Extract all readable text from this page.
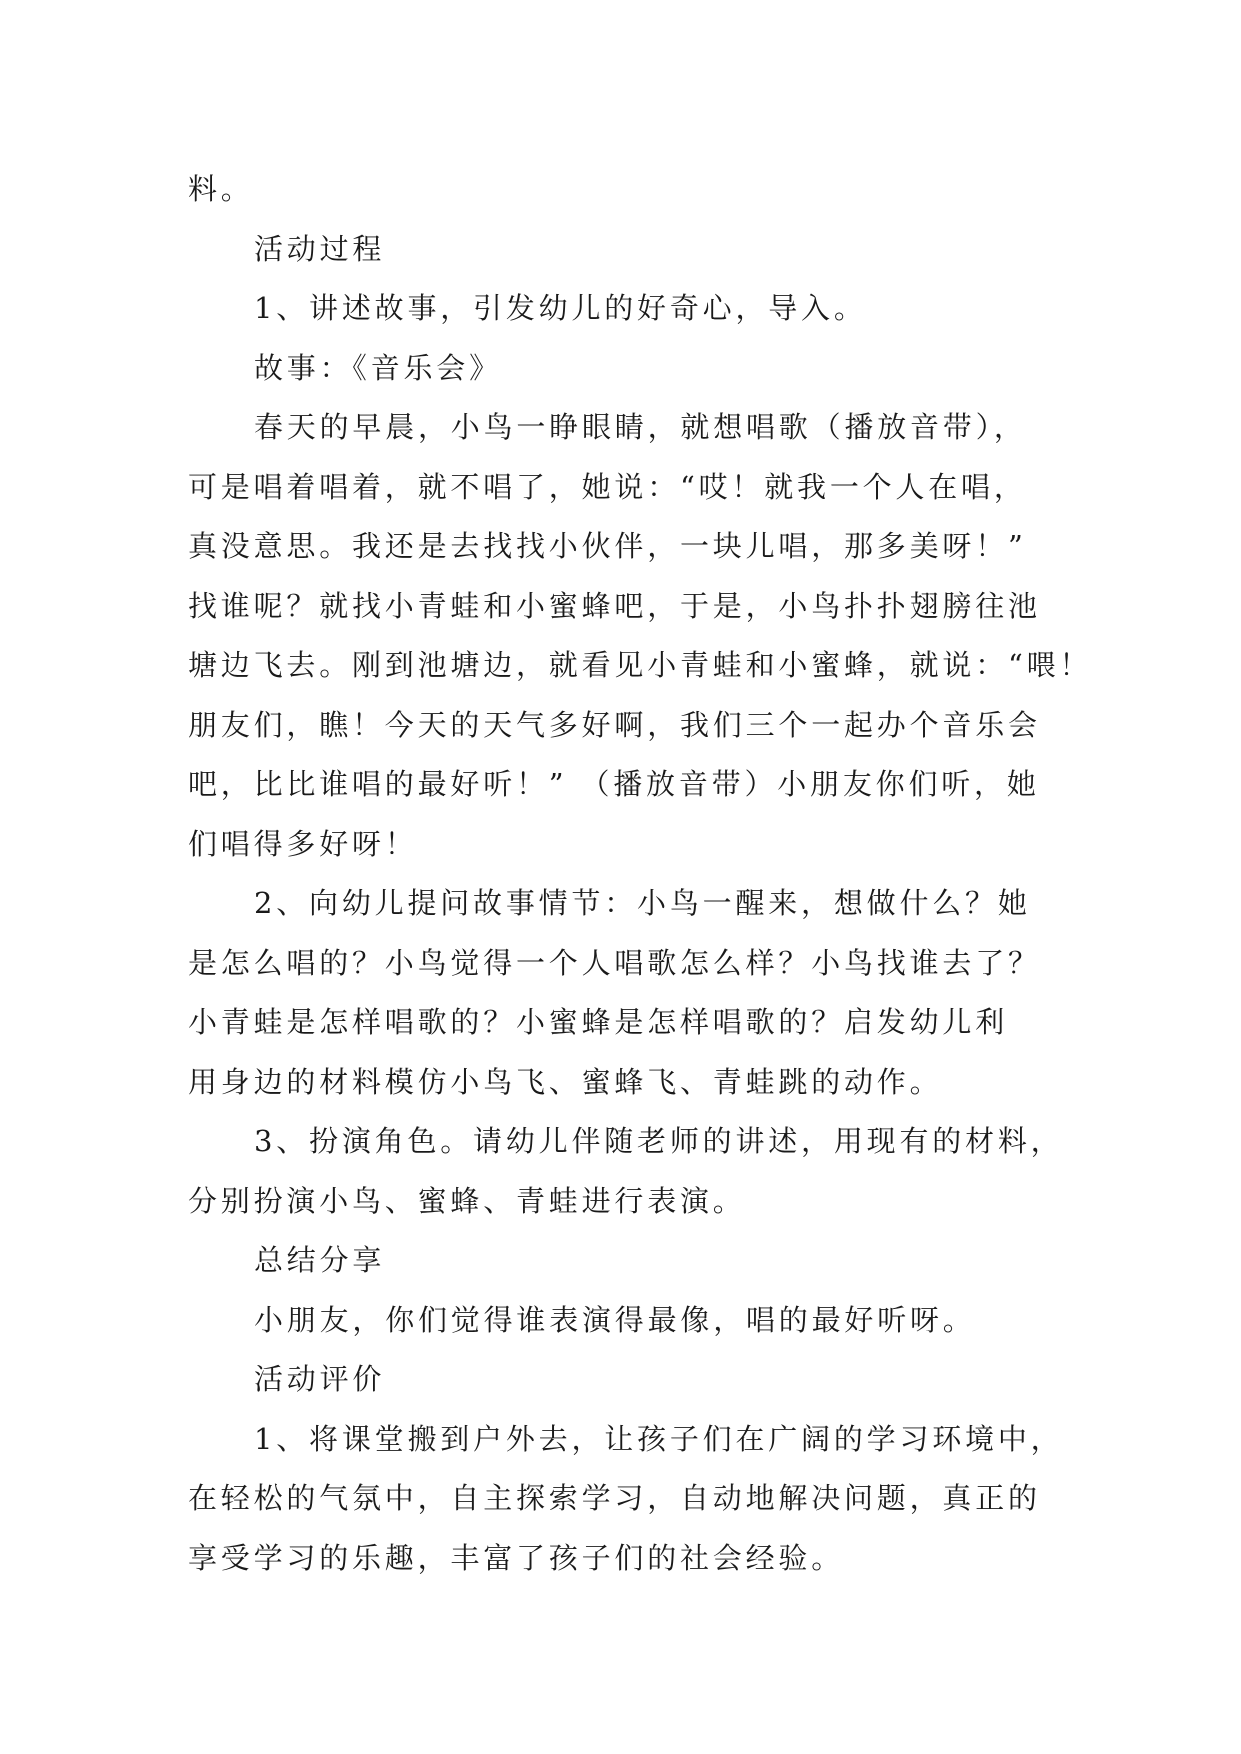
料。
活动过程
1、讲述故事，引发幼儿的好奇心，导入。
故事：《音乐会》
春天的早晨，小鸟一睁眼睛，就想唱歌（播放音带），
可是唱着唱着，就不唱了，她说：“哎！就我一个人在唱，
真没意思。我还是去找找小伙伴，一块儿唱，那多美呀！”
找谁呢？就找小青蛙和小蜜蜂吧，于是，小鸟扑扑翅膀往池
塘边飞去。刚到池塘边，就看见小青蛙和小蜜蜂，就说：“喂！
朋友们，瞧！今天的天气多好啊，我们三个一起办个音乐会
吧，比比谁唱的最好听！” （播放音带）小朋友你们听，她
们唱得多好呀！
2、向幼儿提问故事情节：小鸟一醒来，想做什么？她
是怎么唱的？小鸟觉得一个人唱歌怎么样？小鸟找谁去了？
小青蛙是怎样唱歌的？小蜜蜂是怎样唱歌的？启发幼儿利
用身边的材料模仿小鸟飞、蜜蜂飞、青蛙跳的动作。
3、扮演角色。请幼儿伴随老师的讲述，用现有的材料，
分别扮演小鸟、蜜蜂、青蛙进行表演。
总结分享
小朋友，你们觉得谁表演得最像，唱的最好听呀。
活动评价
1、将课堂搬到户外去，让孩子们在广阔的学习环境中，
在轻松的气氛中，自主探索学习，自动地解决问题，真正的
享受学习的乐趣，丰富了孩子们的社会经验。
